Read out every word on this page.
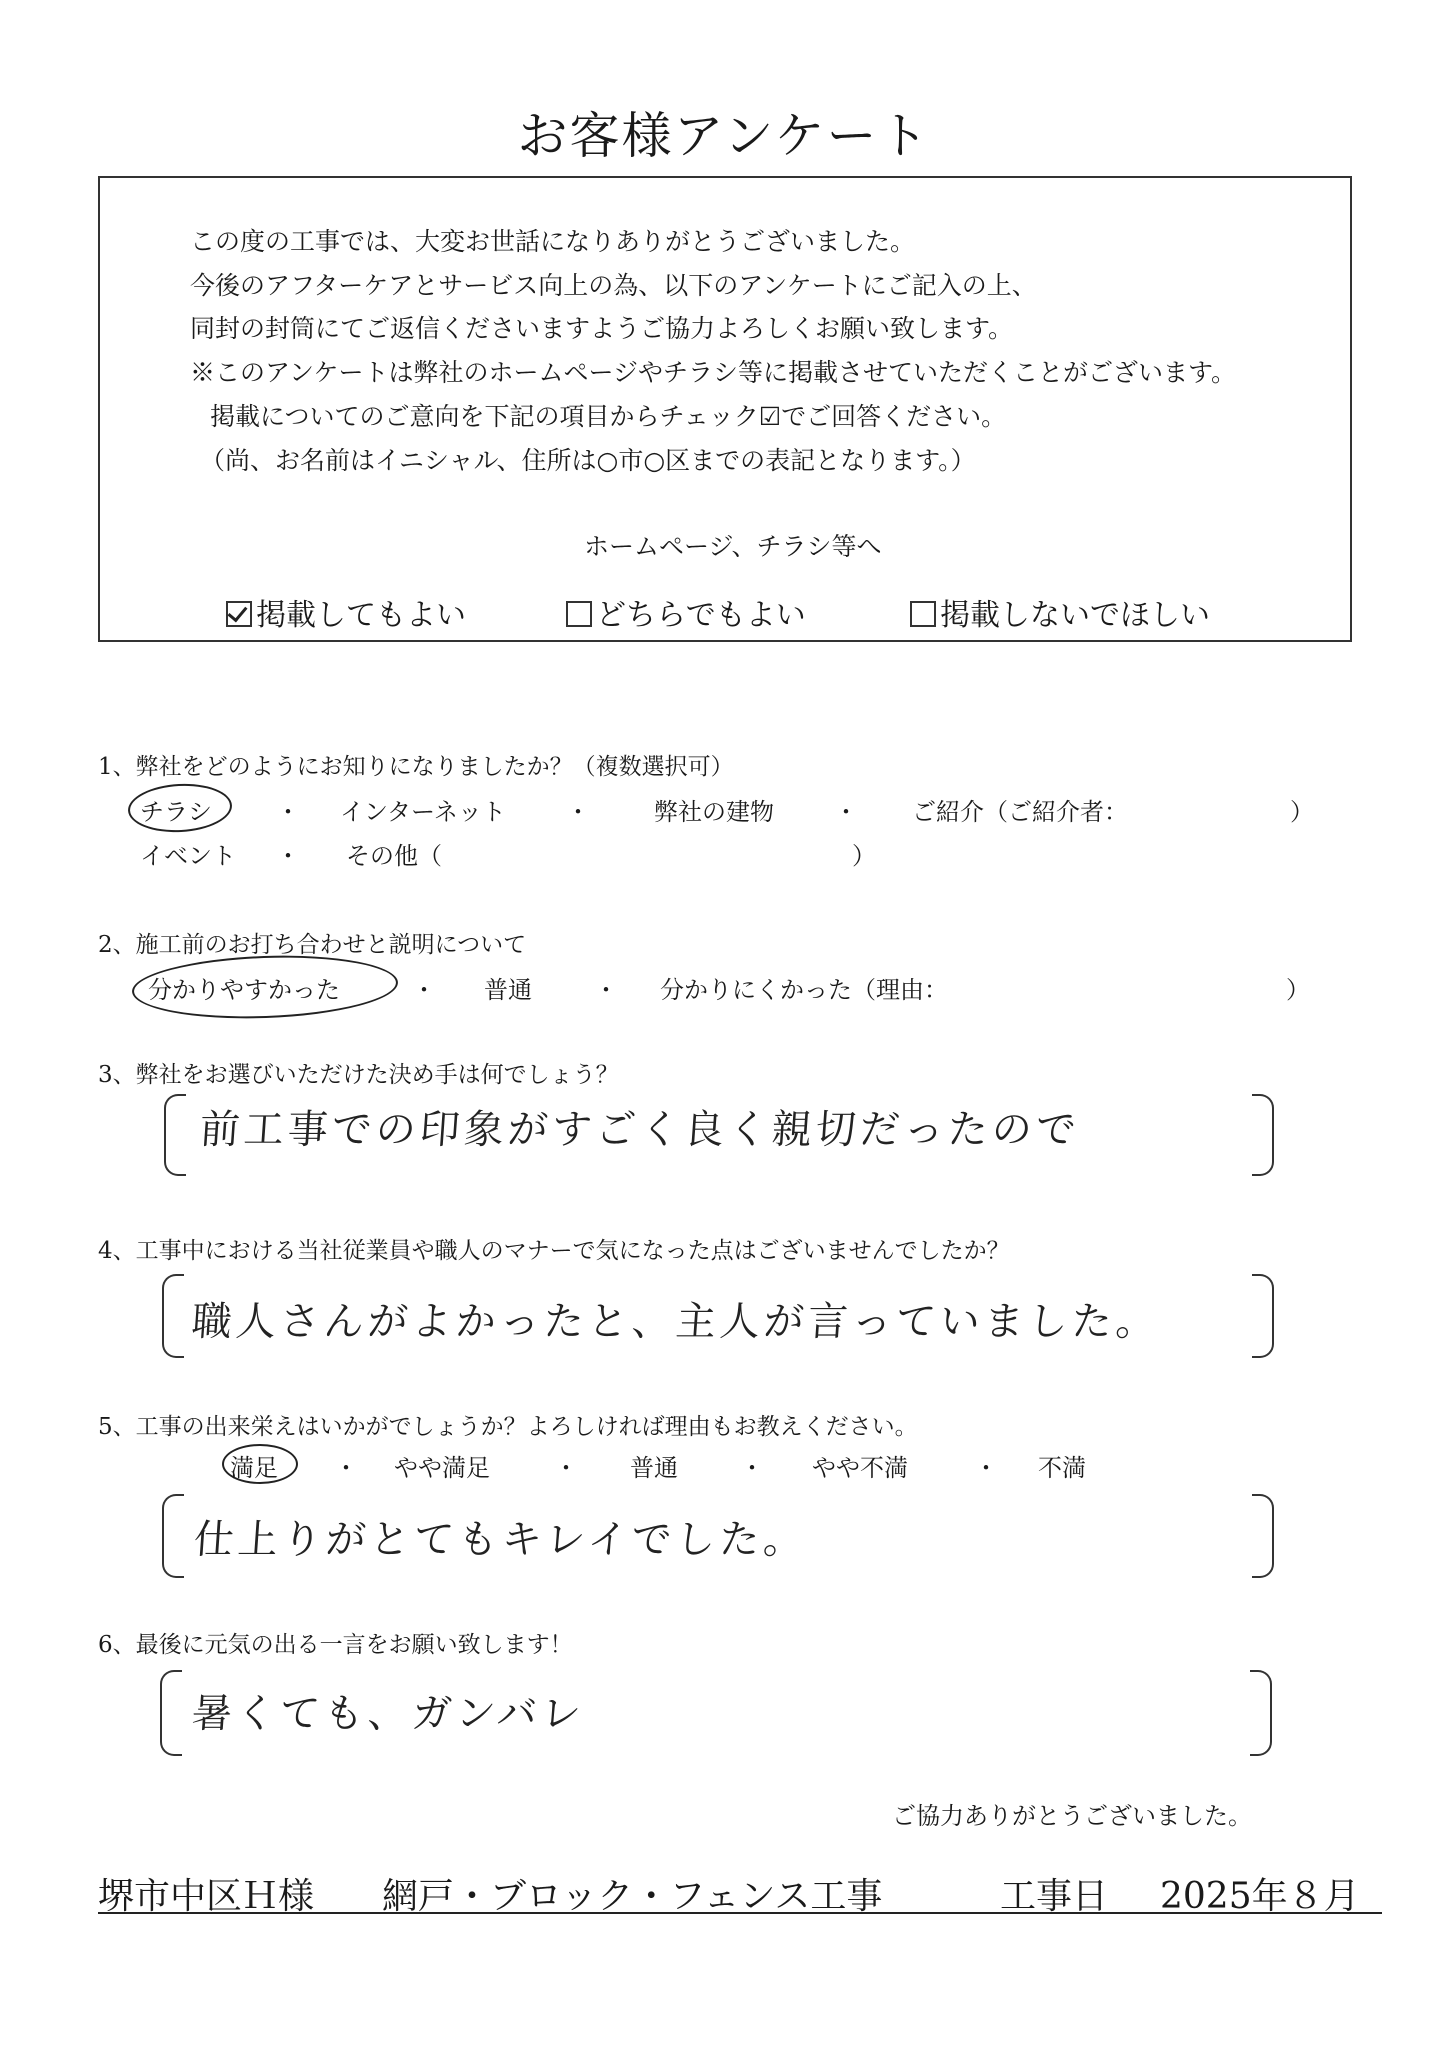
お客様アンケート
この度の工事では、大変お世話になりありがとうございました。
今後のアフターケアとサービス向上の為、以下のアンケートにご記入の上、
同封の封筒にてご返信くださいますようご協力よろしくお願い致します。
※このアンケートは弊社のホームページやチラシ等に掲載させていただくことがございます。
掲載についてのご意向を下記の項目からチェック☑でご回答ください。
（尚、お名前はイニシャル、住所は○市○区までの表記となります。）
ホームページ、チラシ等へ
掲載してもよい	どちらでもよい	掲載しないでほしい
1、弊社をどのようにお知りになりましたか？（複数選択可）
チラシ	・ インターネット	・	弊社の建物	・ ご紹介（ご紹介者：	）
イベント ・ その他（	）
2、施工前のお打ち合わせと説明について
分かりやすかった	・ 普通	・ 分かりにくかった（理由：	）
3、弊社をお選びいただけた決め手は何でしょう？
前工事での印象がすごく良く親切だったので
4、工事中における当社従業員や職人のマナーで気になった点はございませんでしたか？
職人さんがよかったと、主人が言っていました。
5、工事の出来栄えはいかがでしょうか？よろしければ理由もお教えください。
満足 ・ やや満足	・ 普通	・ やや不満	・ 不満
仕上りがとてもキレイでした。
6、最後に元気の出る一言をお願い致します！
暑くても、ガンバレ
ご協力ありがとうございました。
堺市中区Ｈ様 網戸・ブロック・フェンス工事	工事日 2025年８月
